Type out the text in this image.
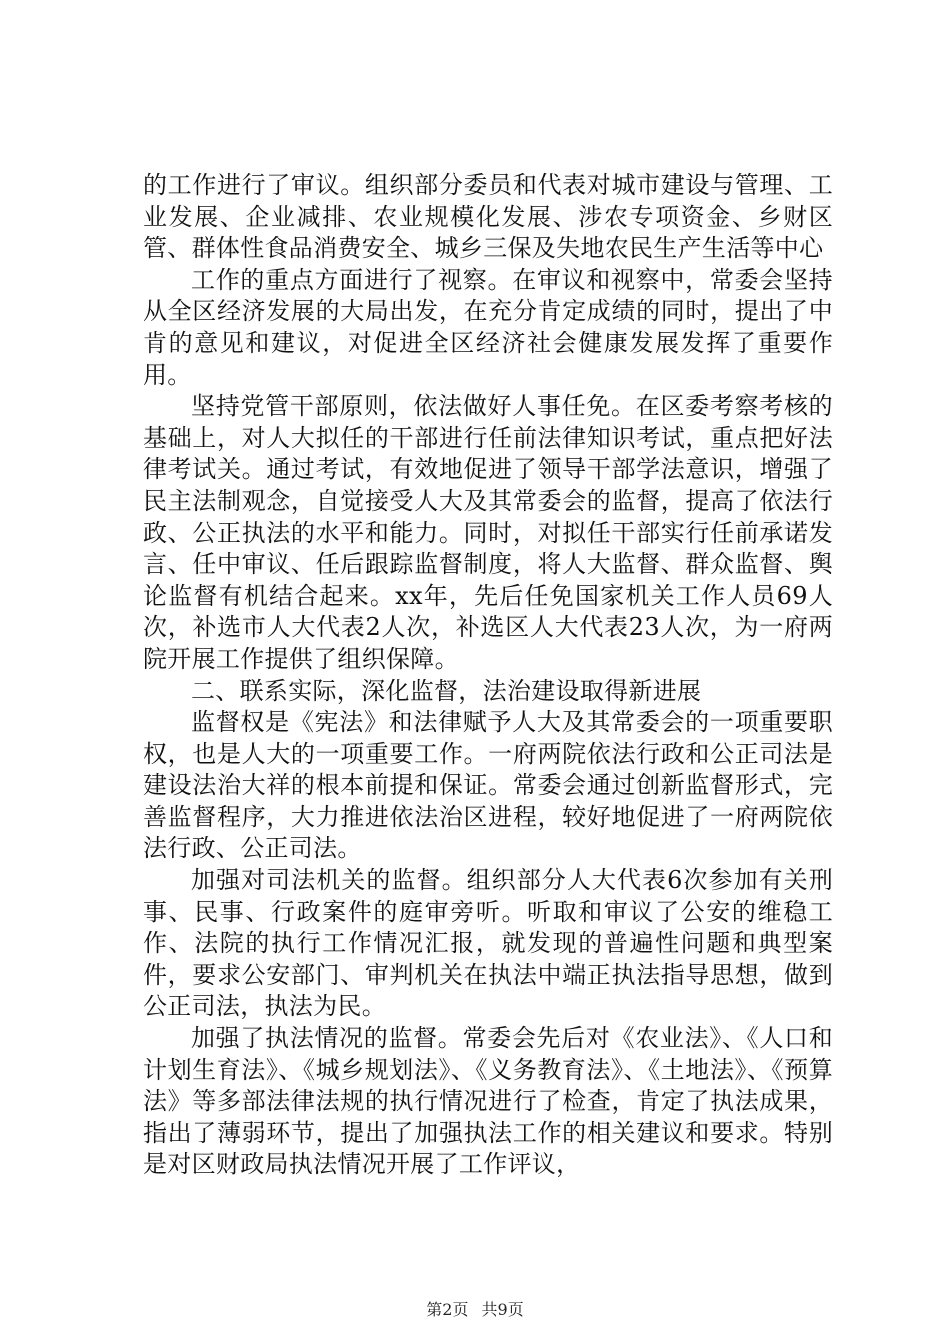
的工作进行了审议。组织部分委员和代表对城市建设与管理、工业发展、企业减排、农业规模化发展、涉农专项资金、乡财区管、群体性食品消费安全、城乡三保及失地农民生产生活等中心

工作的重点方面进行了视察。在审议和视察中，常委会坚持从全区经济发展的大局出发，在充分肯定成绩的同时，提出了中肯的意见和建议，对促进全区经济社会健康发展发挥了重要作用。

坚持党管干部原则，依法做好人事任免。在区委考察考核的基础上，对人大拟任的干部进行任前法律知识考试，重点把好法律考试关。通过考试，有效地促进了领导干部学法意识，增强了民主法制观念，自觉接受人大及其常委会的监督，提高了依法行政、公正执法的水平和能力。同时，对拟任干部实行任前承诺发言、任中审议、任后跟踪监督制度，将人大监督、群众监督、舆论监督有机结合起来。xx年，先后任免国家机关工作人员69人次，补选市人大代表2人次，补选区人大代表23人次，为一府两院开展工作提供了组织保障。

二、联系实际，深化监督，法治建设取得新进展

监督权是《宪法》和法律赋予人大及其常委会的一项重要职权，也是人大的一项重要工作。一府两院依法行政和公正司法是建设法治大祥的根本前提和保证。常委会通过创新监督形式，完善监督程序，大力推进依法治区进程，较好地促进了一府两院依法行政、公正司法。

加强对司法机关的监督。组织部分人大代表6次参加有关刑事、民事、行政案件的庭审旁听。听取和审议了公安的维稳工作、法院的执行工作情况汇报，就发现的普遍性问题和典型案件，要求公安部门、审判机关在执法中端正执法指导思想，做到公正司法，执法为民。

加强了执法情况的监督。常委会先后对《农业法》、《人口和计划生育法》、《城乡规划法》、《义务教育法》、《土地法》、《预算法》等多部法律法规的执行情况进行了检查，肯定了执法成果，指出了薄弱环节，提出了加强执法工作的相关建议和要求。特别是对区财政局执法情况开展了工作评议，

第2页 共9页
